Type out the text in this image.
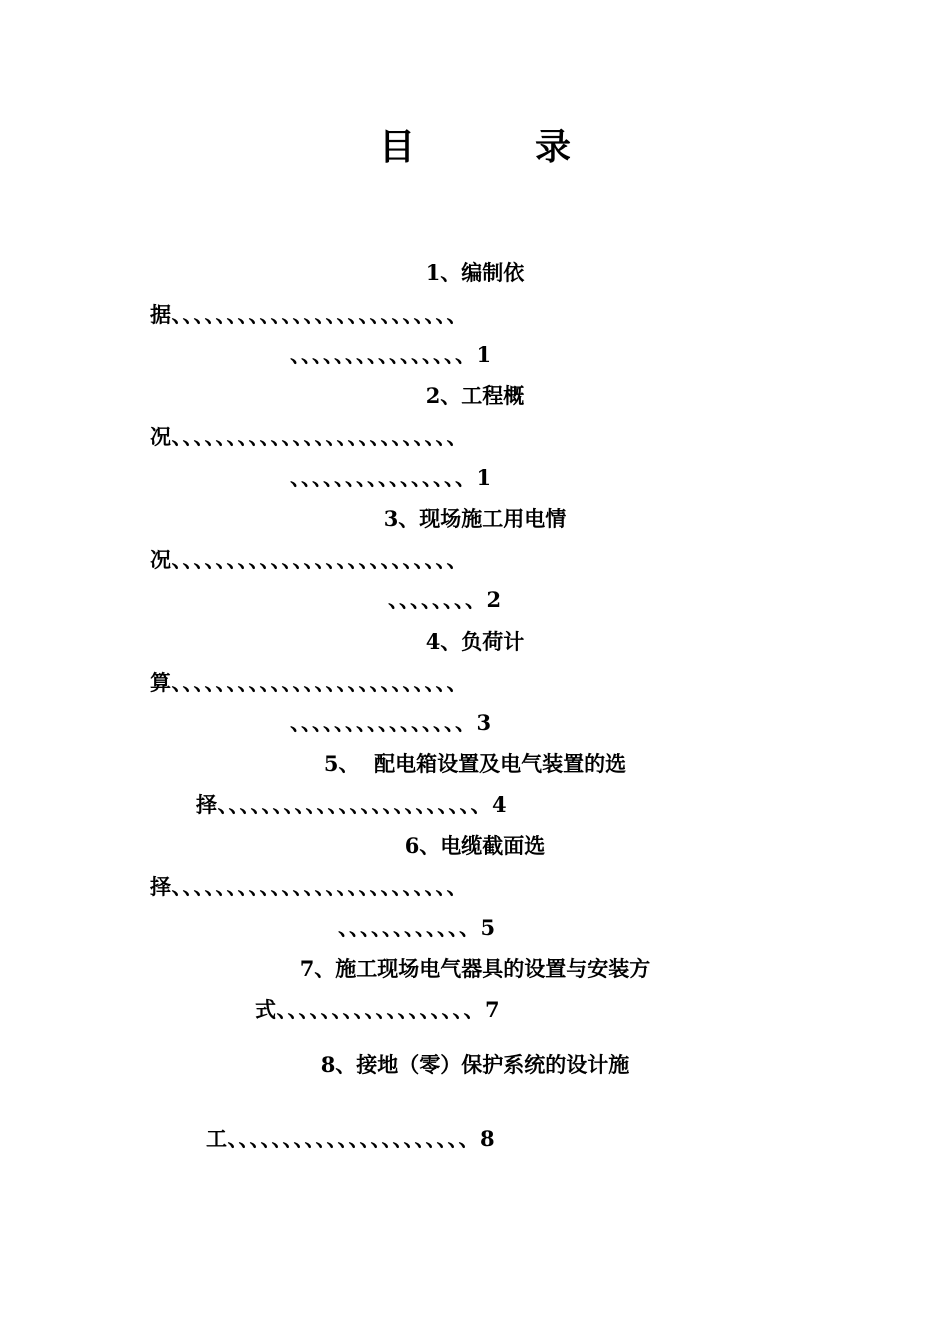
目	录
1、编制依
据、、、、、、、、、、、、、、、、、、、、、、、、、、
、、、、、、、、、、、、、、、、1
2、工程概
况、、、、、、、、、、、、、、、、、、、、、、、、、、
、、、、、、、、、、、、、、、、1
3、现场施工用电情
况、、、、、、、、、、、、、、、、、、、、、、、、、、
、、、、、、、、2
4、负荷计
算、、、、、、、、、、、、、、、、、、、、、、、、、、
、、、、、、、、、、、、、、、、3
5、  配电箱设置及电气装置的选
择、、、、、、、、、、、、、、、、、、、、、、、、4
6、电缆截面选
择、、、、、、、、、、、、、、、、、、、、、、、、、、
、、、、、、、、、、、、5
7、施工现场电气器具的设置与安装方
式、、、、、、、、、、、、、、、、、、7
8、接地（零）保护系统的设计施
工、、、、、、、、、、、、、、、、、、、、、、8
